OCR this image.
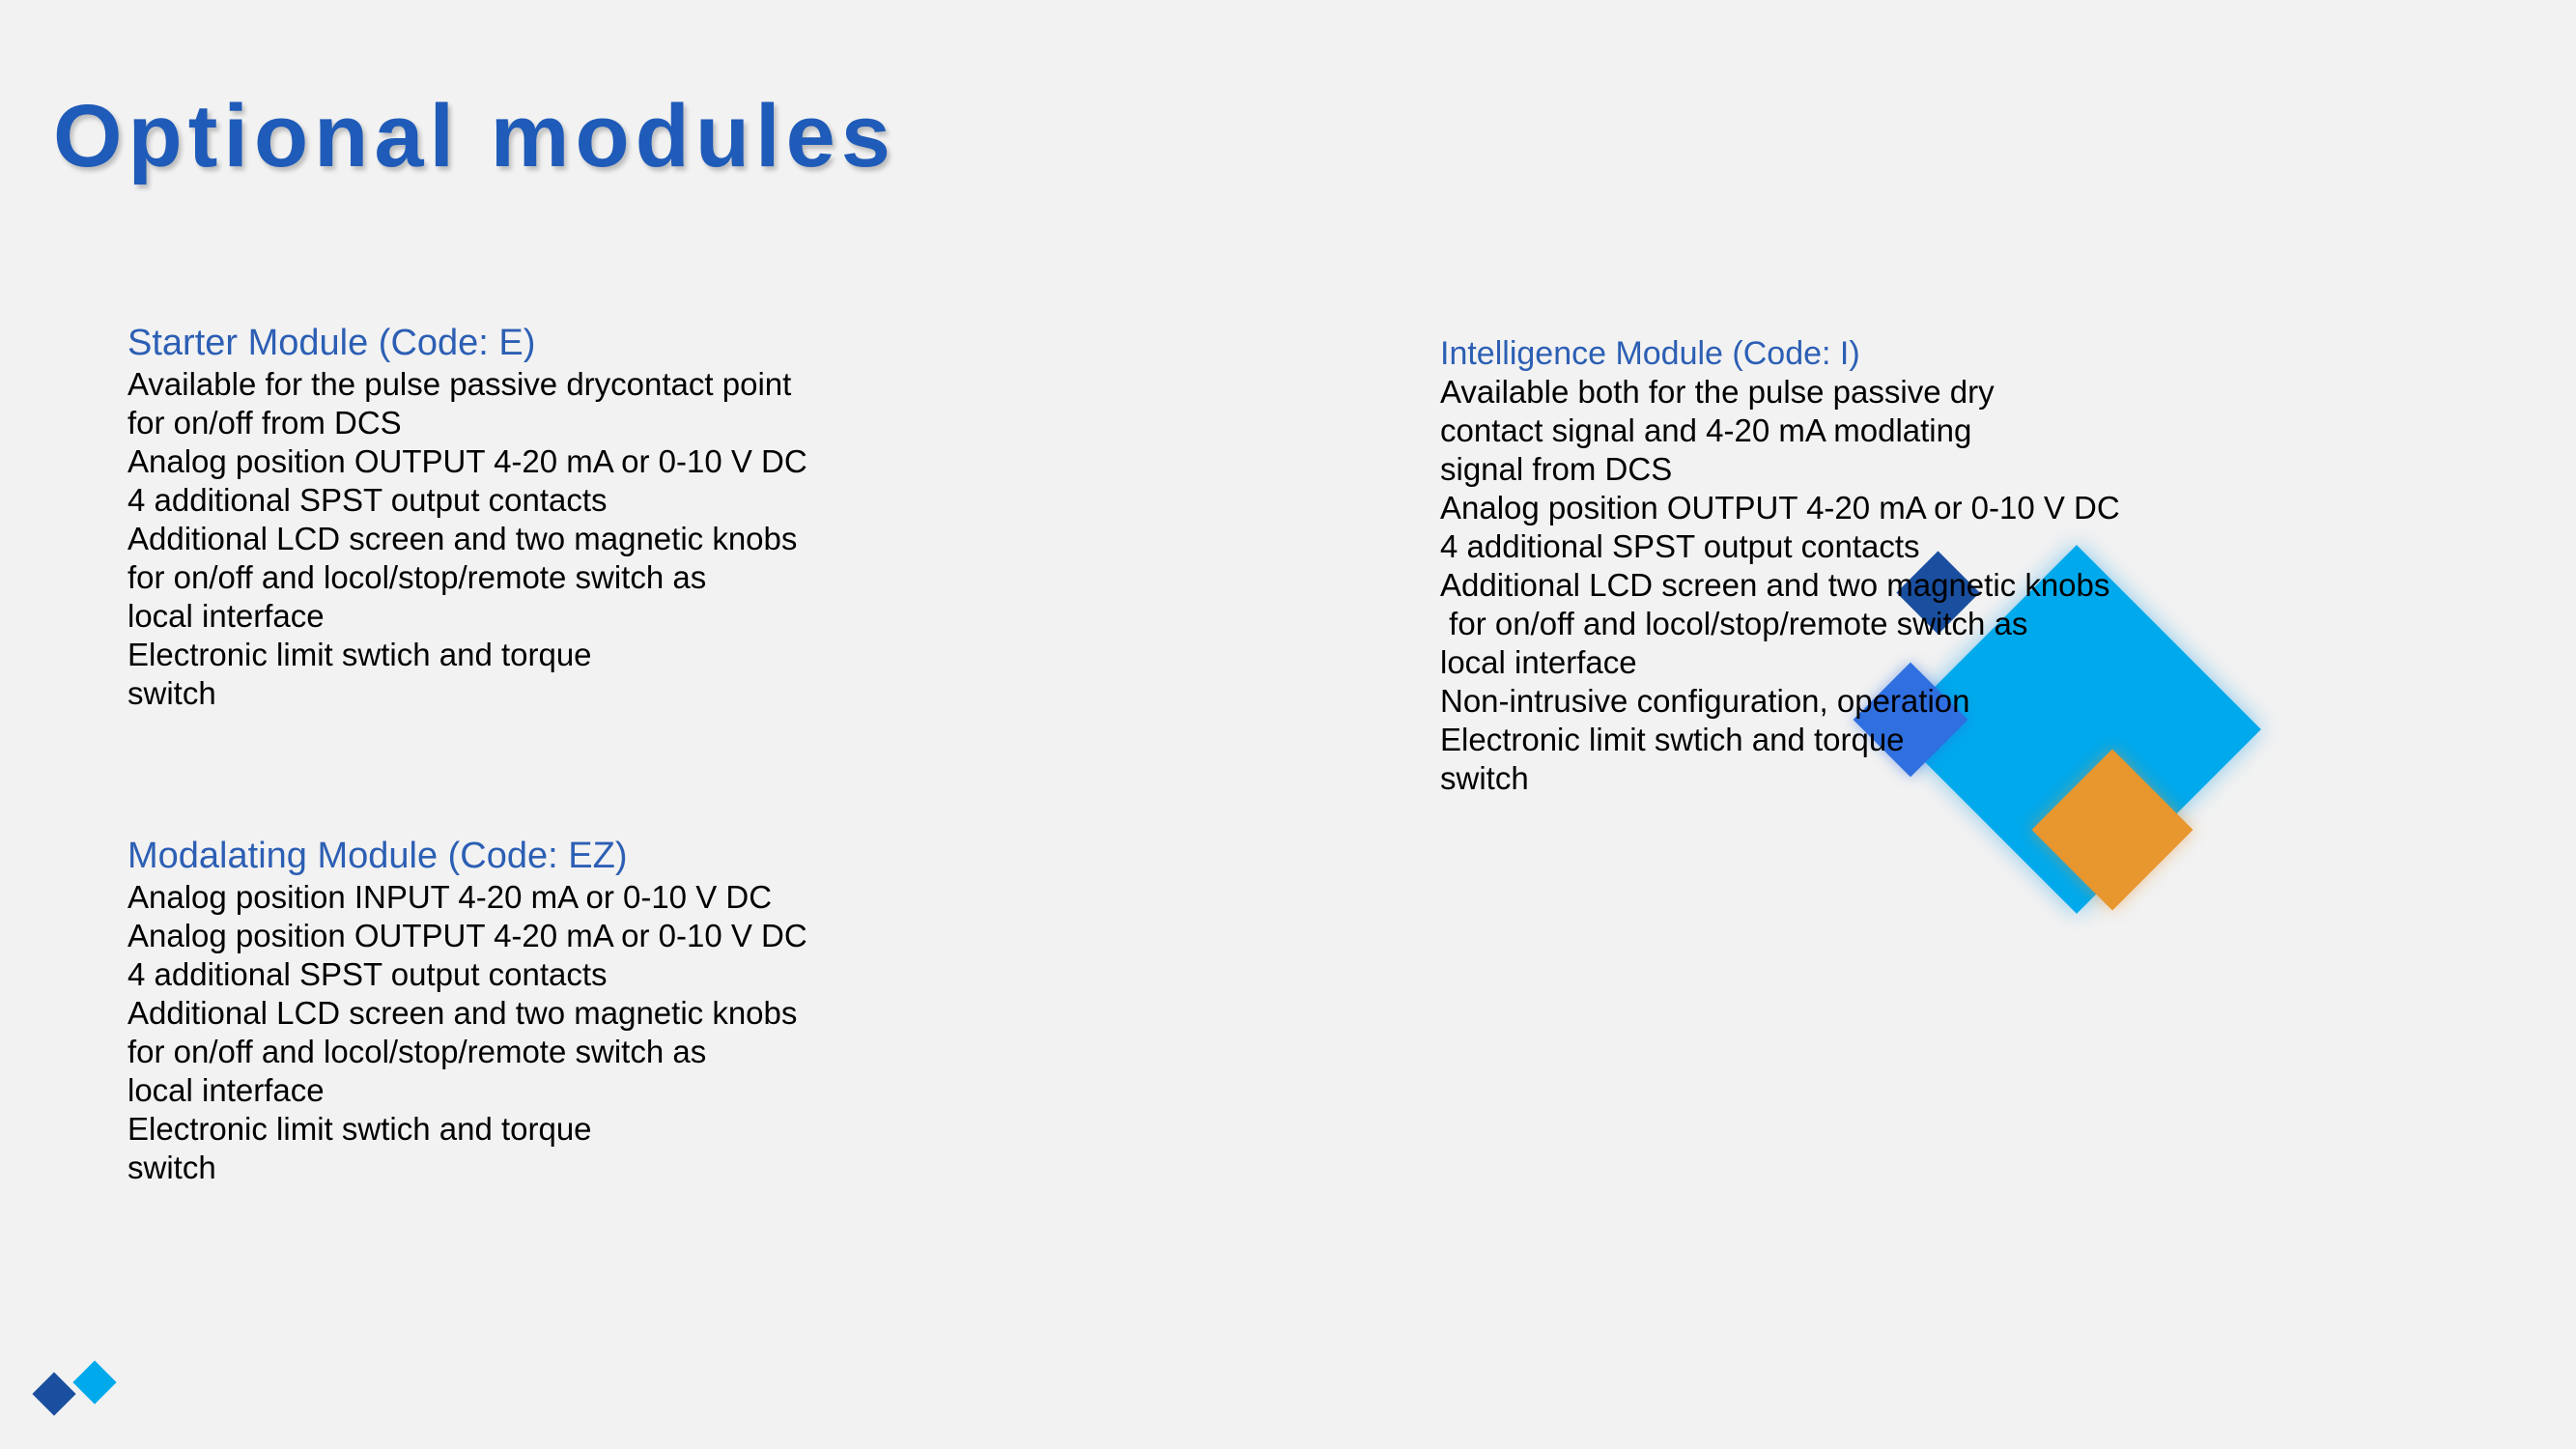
Optional modules
Starter Module (Code: E)
Available for the pulse passive drycontact point
for on/off from DCS
Analog position OUTPUT 4-20 mA or 0-10 V DC
4 additional SPST output contacts
Additional LCD screen and two magnetic knobs
for on/off and locol/stop/remote switch as
local interface
Electronic limit swtich and torque
switch
Modalating Module (Code: EZ)
Analog position INPUT 4-20 mA or 0-10 V DC
Analog position OUTPUT 4-20 mA or 0-10 V DC
4 additional SPST output contacts
Additional LCD screen and two magnetic knobs
for on/off and locol/stop/remote switch as
local interface
Electronic limit swtich and torque
switch
Intelligence Module (Code: I)
Available both for the pulse passive dry
contact signal and 4-20 mA modlating
signal from DCS
Analog position OUTPUT 4-20 mA or 0-10 V DC
4 additional SPST output contacts
Additional LCD screen and two magnetic knobs
for on/off and locol/stop/remote switch as
local interface
Non-intrusive configuration, operation
Electronic limit swtich and torque
switch
